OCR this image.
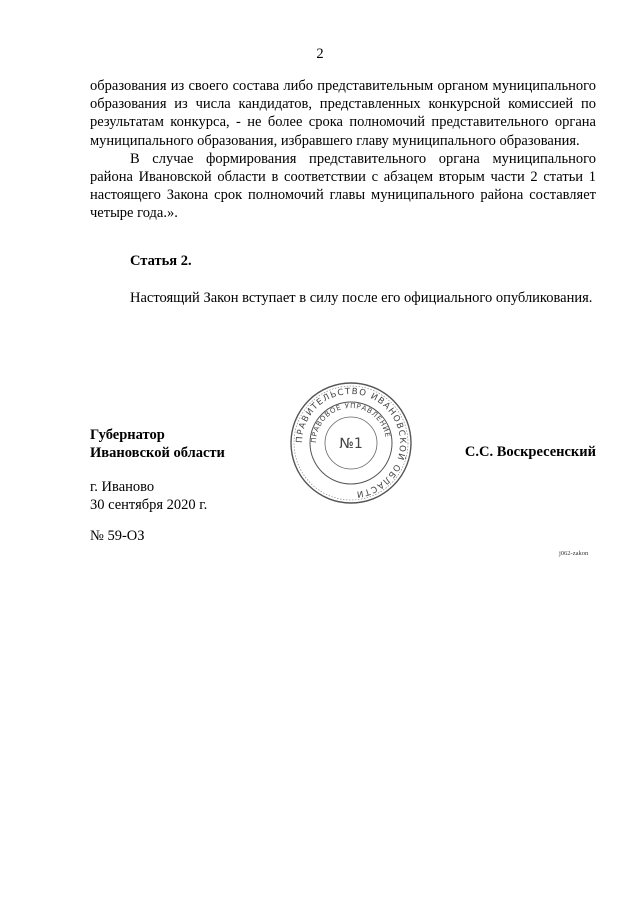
2

образования из своего состава либо представительным органом муниципального образования из числа кандидатов, представленных конкурсной комиссией по результатам конкурса, - не более срока полномочий представительного органа муниципального образования, избравшего главу муниципального образования.

В случае формирования представительного органа муниципального района Ивановской области в соответствии с абзацем вторым части 2 статьи 1 настоящего Закона срок полномочий главы муниципального района составляет четыре года.».

Статья 2.

Настоящий Закон вступает в силу после его официального опубликования.

ПРАВИТЕЛЬСТВО ИВАНОВСКОЙ ОБЛАСТИ
ПРАВОВОЕ УПРАВЛЕНИЕ
№1
Губернатор
Ивановской области	С.С. Воскресенский
г. Иваново
30 сентября 2020 г.
№ 59-ОЗ
j062-zakon
